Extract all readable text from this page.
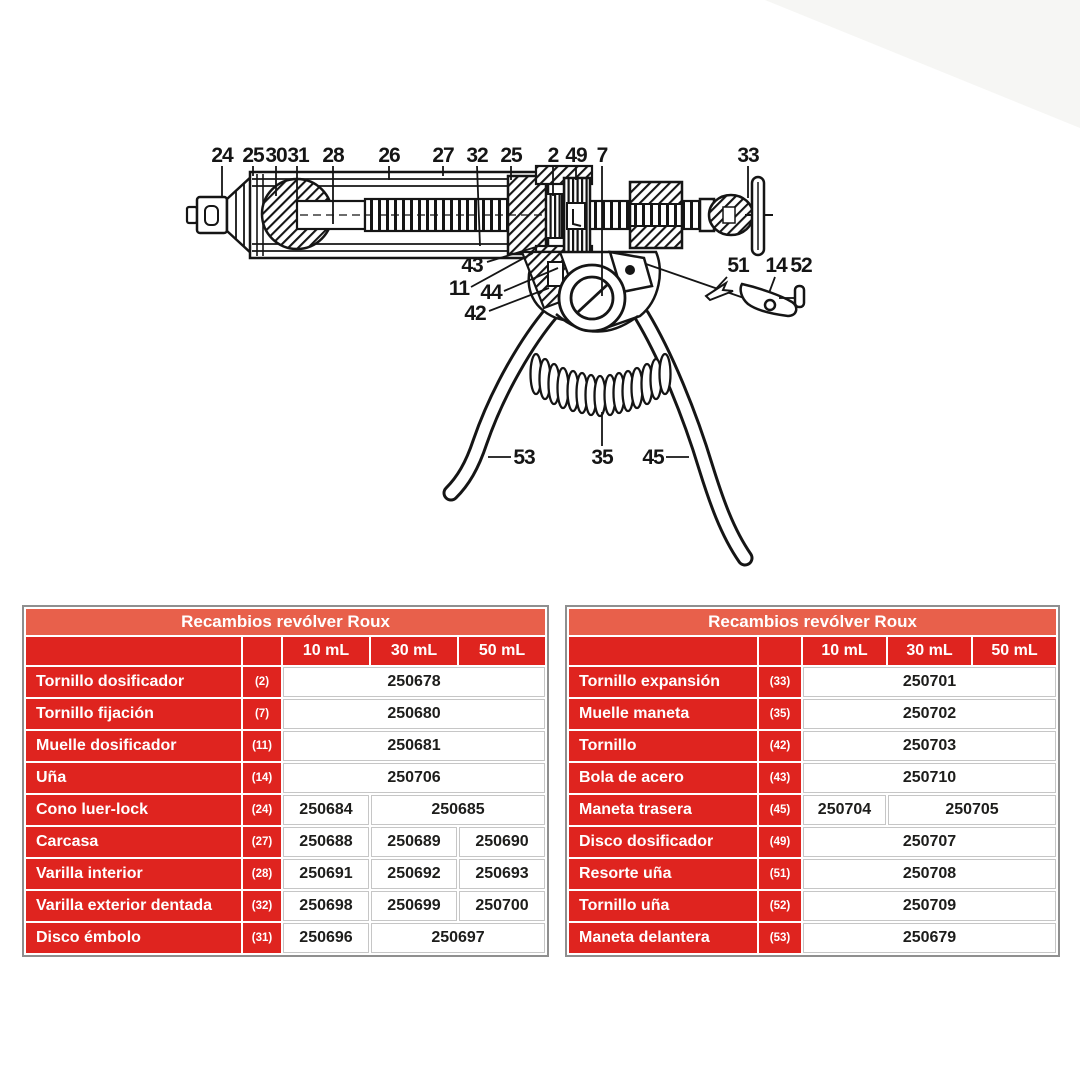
24 25 30 31 28 26 27 32 25 2 49 7	33
43
11 44
42
51 14 52
53	35 45
Recambios revólver Roux				
		10 mL	30 mL	50 mL
Tornillo dosificador	(2)	250678		
Tornillo fijación	(7)	250680		
Muelle dosificador	(11)	250681		
Uña	(14)	250706		
Cono luer-lock	(24)	250684	250685	
Carcasa	(27)	250688	250689	250690
Varilla interior	(28)	250691	250692	250693
Varilla exterior dentada	(32)	250698	250699	250700
Disco émbolo	(31)	250696	250697	
Recambios revólver Roux				
		10 mL	30 mL	50 mL
Tornillo expansión	(33)	250701		
Muelle maneta	(35)	250702		
Tornillo	(42)	250703		
Bola de acero	(43)	250710		
Maneta trasera	(45)	250704	250705	
Disco dosificador	(49)	250707		
Resorte uña	(51)	250708		
Tornillo uña	(52)	250709		
Maneta delantera	(53)	250679		
